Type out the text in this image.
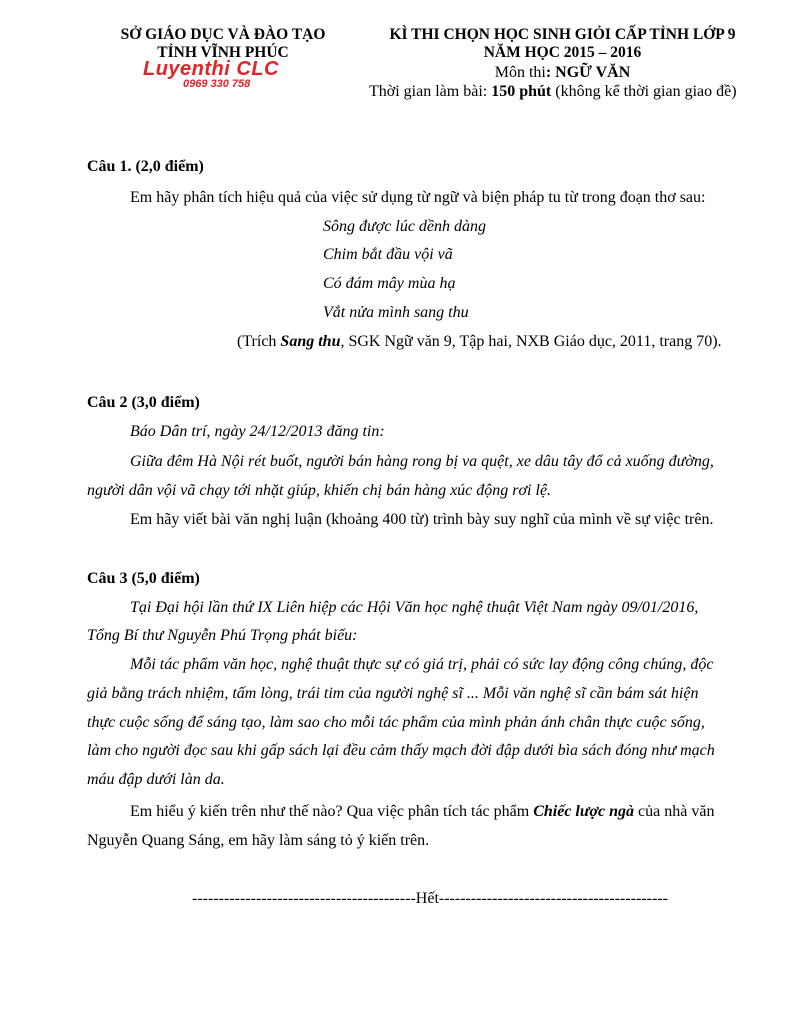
SỞ GIÁO DỤC VÀ ĐÀO TẠO
TỈNH VĨNH PHÚC
Luyenthi CLC
0969 330 758
KÌ THI CHỌN HỌC SINH GIỎI CẤP TỈNH LỚP 9
NĂM HỌC 2015 – 2016
Môn thi: NGỮ VĂN
Thời gian làm bài: 150 phút (không kể thời gian giao đề)
Câu 1. (2,0 điểm)
Em hãy phân tích hiệu quả của việc sử dụng từ ngữ và biện pháp tu từ trong đoạn thơ sau:
Sông được lúc dềnh dàng
Chim bắt đầu vội vã
Có đám mây mùa hạ
Vắt nửa mình sang thu
(Trích Sang thu, SGK Ngữ văn 9, Tập hai, NXB Giáo dục, 2011, trang 70).
Câu 2 (3,0 điểm)
Báo Dân trí, ngày 24/12/2013 đăng tin:
Giữa đêm Hà Nội rét buốt, người bán hàng rong bị va quệt, xe dâu tây đổ cả xuống đường,
người dân vội vã chạy tới nhặt giúp, khiến chị bán hàng xúc động rơi lệ.
Em hãy viết bài văn nghị luận (khoảng 400 từ) trình bày suy nghĩ của mình về sự việc trên.
Câu 3 (5,0 điểm)
Tại Đại hội lần thứ IX Liên hiệp các Hội Văn học nghệ thuật Việt Nam ngày 09/01/2016,
Tổng Bí thư Nguyễn Phú Trọng phát biểu:
Mỗi tác phẩm văn học, nghệ thuật thực sự có giá trị, phải có sức lay động công chúng, độc
giả bằng trách nhiệm, tấm lòng, trái tim của người nghệ sĩ ... Mỗi văn nghệ sĩ cần bám sát hiện
thực cuộc sống để sáng tạo, làm sao cho mỗi tác phẩm của mình phản ánh chân thực cuộc sống,
làm cho người đọc sau khi gấp sách lại đều cảm thấy mạch đời đập dưới bìa sách đóng như mạch
máu đập dưới làn da.
Em hiểu ý kiến trên như thế nào? Qua việc phân tích tác phẩm Chiếc lược ngà của nhà văn
Nguyễn Quang Sáng, em hãy làm sáng tỏ ý kiến trên.
------------------------------------------Hết-------------------------------------------
